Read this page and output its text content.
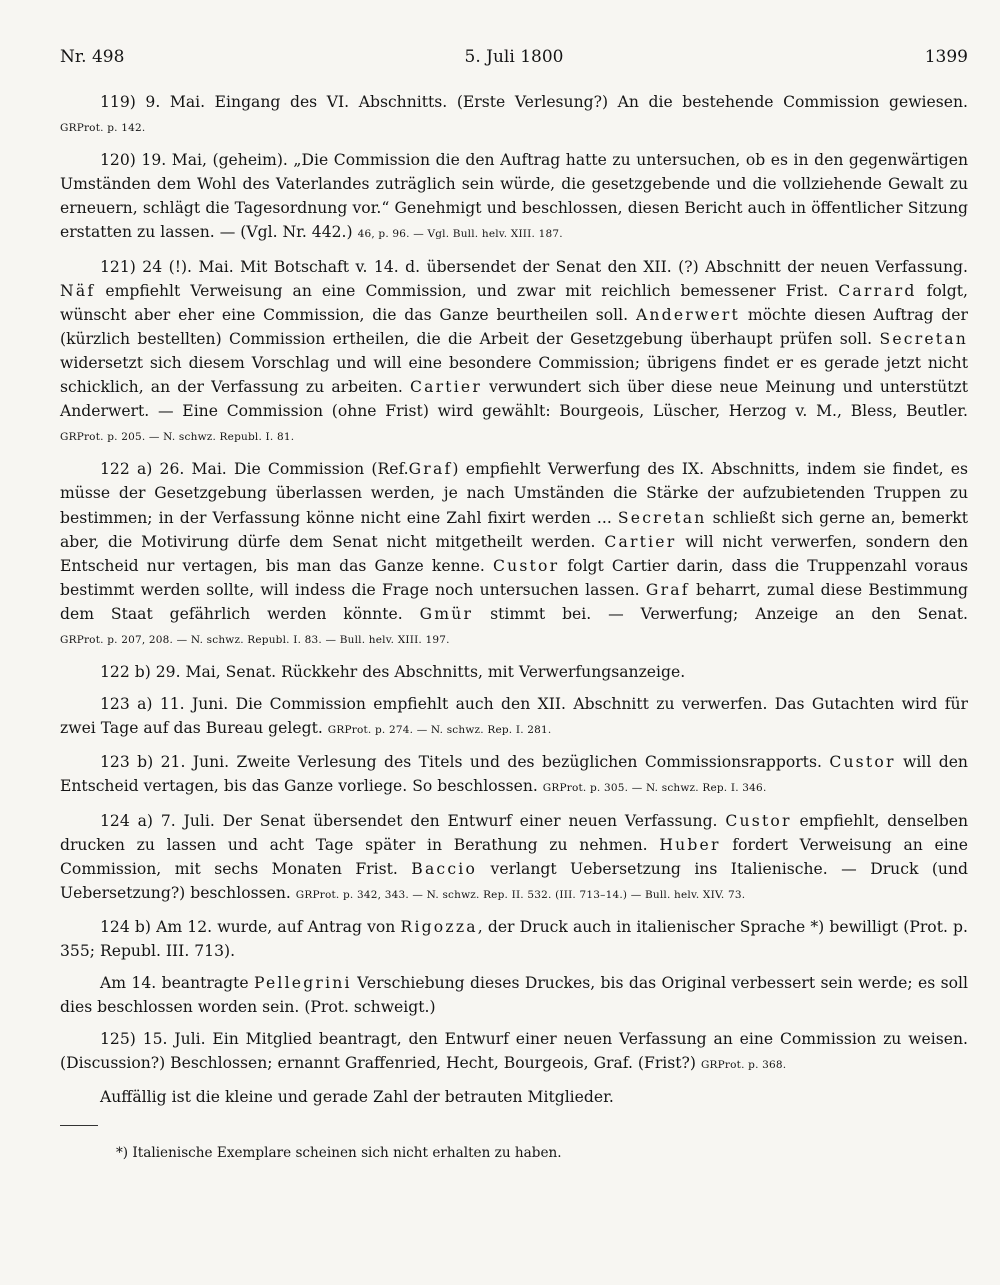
Nr. 498	5. Juli 1800	1399

119) 9. Mai. Eingang des VI. Abschnitts. (Erste Verlesung?) An die bestehende Commission gewiesen. GRProt. p. 142.

120) 19. Mai, (geheim). „Die Commission die den Auftrag hatte zu untersuchen, ob es in den gegenwärtigen Umständen dem Wohl des Vaterlandes zuträglich sein würde, die gesetzgebende und die vollziehende Gewalt zu erneuern, schlägt die Tagesordnung vor.“ Genehmigt und beschlossen, diesen Bericht auch in öffentlicher Sitzung erstatten zu lassen. — (Vgl. Nr. 442.) 46, p. 96. — Vgl. Bull. helv. XIII. 187.

121) 24 (!). Mai. Mit Botschaft v. 14. d. übersendet der Senat den XII. (?) Abschnitt der neuen Verfassung. Näf empfiehlt Verweisung an eine Commission, und zwar mit reichlich bemessener Frist. Carrard folgt, wünscht aber eher eine Commission, die das Ganze beurtheilen soll. Anderwert möchte diesen Auftrag der (kürzlich bestellten) Commission ertheilen, die die Arbeit der Gesetzgebung überhaupt prüfen soll. Secretan widersetzt sich diesem Vorschlag und will eine besondere Commission; übrigens findet er es gerade jetzt nicht schicklich, an der Verfassung zu arbeiten. Cartier verwundert sich über diese neue Meinung und unterstützt Anderwert. — Eine Commission (ohne Frist) wird gewählt: Bourgeois, Lüscher, Herzog v. M., Bless, Beutler. GRProt. p. 205. — N. schwz. Republ. I. 81.

122 a) 26. Mai. Die Commission (Ref.Graf) empfiehlt Verwerfung des IX. Abschnitts, indem sie findet, es müsse der Gesetzgebung überlassen werden, je nach Umständen die Stärke der aufzubietenden Truppen zu bestimmen; in der Verfassung könne nicht eine Zahl fixirt werden ... Secretan schließt sich gerne an, bemerkt aber, die Motivirung dürfe dem Senat nicht mitgetheilt werden. Cartier will nicht verwerfen, sondern den Entscheid nur vertagen, bis man das Ganze kenne. Custor folgt Cartier darin, dass die Truppenzahl voraus bestimmt werden sollte, will indess die Frage noch untersuchen lassen. Graf beharrt, zumal diese Bestimmung dem Staat gefährlich werden könnte. Gmür stimmt bei. — Verwerfung; Anzeige an den Senat. GRProt. p. 207, 208. — N. schwz. Republ. I. 83. — Bull. helv. XIII. 197.

122 b) 29. Mai, Senat. Rückkehr des Abschnitts, mit Verwerfungsanzeige.

123 a) 11. Juni. Die Commission empfiehlt auch den XII. Abschnitt zu verwerfen. Das Gutachten wird für zwei Tage auf das Bureau gelegt. GRProt. p. 274. — N. schwz. Rep. I. 281.

123 b) 21. Juni. Zweite Verlesung des Titels und des bezüglichen Commissionsrapports. Custor will den Entscheid vertagen, bis das Ganze vorliege. So beschlossen. GRProt. p. 305. — N. schwz. Rep. I. 346.

124 a) 7. Juli. Der Senat übersendet den Entwurf einer neuen Verfassung. Custor empfiehlt, denselben drucken zu lassen und acht Tage später in Berathung zu nehmen. Huber fordert Verweisung an eine Commission, mit sechs Monaten Frist. Baccio verlangt Uebersetzung ins Italienische. — Druck (und Uebersetzung?) beschlossen. GRProt. p. 342, 343. — N. schwz. Rep. II. 532. (III. 713–14.) — Bull. helv. XIV. 73.

124 b) Am 12. wurde, auf Antrag von Rigozza, der Druck auch in italienischer Sprache *) bewilligt (Prot. p. 355; Republ. III. 713).

Am 14. beantragte Pellegrini Verschiebung dieses Druckes, bis das Original verbessert sein werde; es soll dies beschlossen worden sein. (Prot. schweigt.)

125) 15. Juli. Ein Mitglied beantragt, den Entwurf einer neuen Verfassung an eine Commission zu weisen. (Discussion?) Beschlossen; ernannt Graffenried, Hecht, Bourgeois, Graf. (Frist?) GRProt. p. 368.

Auffällig ist die kleine und gerade Zahl der betrauten Mitglieder.

*) Italienische Exemplare scheinen sich nicht erhalten zu haben.
